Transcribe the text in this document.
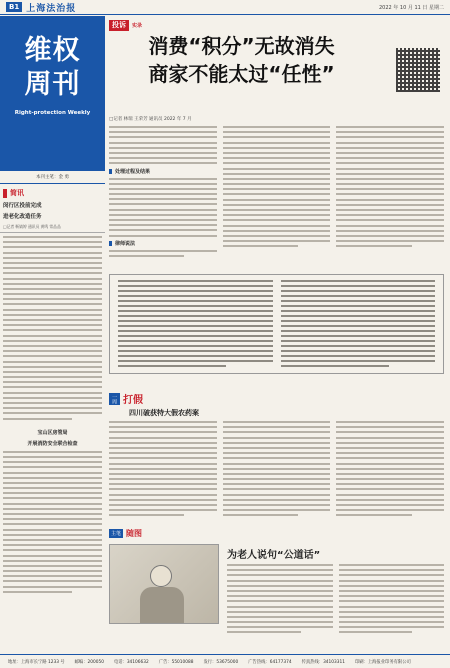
B1 上海法治报	2022 年 10 月 11 日 星期二
维权
周刊
Right-protection Weekly
本刊主笔：金 勇
简讯
闵行区投前完成
进老化改造任务
□记者 靳婧婷 通讯员 黄鸣 常品品
宝山区房管局
开展消防安全联合检查
投诉	实录
消费“积分”无故消失
商家不能太过“任性”
□记者 林瑞 王荣芳 通讯员 2022 年 7 月
处理过程及结果
律师说法
一周 打假
四川破获特大假农药案
主笔 随图
为老人说句“公道话”
地址：上海市长宁路 1233 号 邮编：200050 电话：34106632 广告：55010088 发行：53675000 广告热线：64177374 传真热线：34103311 印刷：上海报业印务有限公司
